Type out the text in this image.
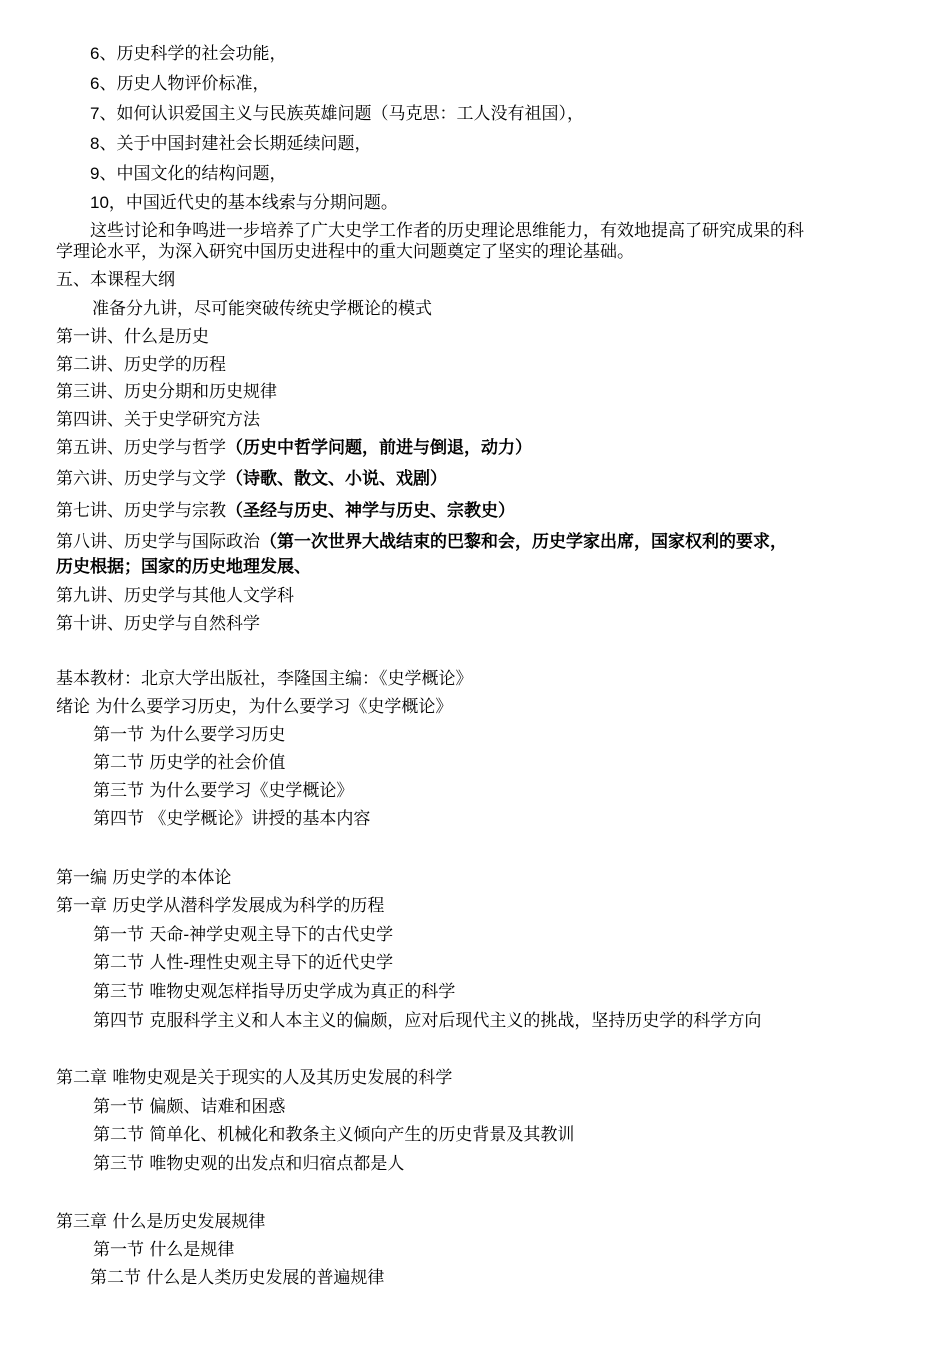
6、历史科学的社会功能，
6、历史人物评价标准，
7、如何认识爱国主义与民族英雄问题（马克思：工人没有祖国），
8、关于中国封建社会长期延续问题，
9、中国文化的结构问题，
10，中国近代史的基本线索与分期问题。
这些讨论和争鸣进一步培养了广大史学工作者的历史理论思维能力，有效地提高了研究成果的科
学理论水平，为深入研究中国历史进程中的重大问题奠定了坚实的理论基础。
五、本课程大纲
准备分九讲，尽可能突破传统史学概论的模式
第一讲、什么是历史
第二讲、历史学的历程
第三讲、历史分期和历史规律
第四讲、关于史学研究方法
第五讲、历史学与哲学（历史中哲学问题，前进与倒退，动力）
第六讲、历史学与文学（诗歌、散文、小说、戏剧）
第七讲、历史学与宗教（圣经与历史、神学与历史、宗教史）
第八讲、历史学与国际政治（第一次世界大战结束的巴黎和会，历史学家出席，国家权利的要求，
历史根据；国家的历史地理发展、
第九讲、历史学与其他人文学科
第十讲、历史学与自然科学
基本教材：北京大学出版社，李隆国主编：《史学概论》
绪论 为什么要学习历史，为什么要学习《史学概论》
第一节 为什么要学习历史
第二节 历史学的社会价值
第三节 为什么要学习《史学概论》
第四节 《史学概论》讲授的基本内容
第一编 历史学的本体论
第一章 历史学从潜科学发展成为科学的历程
第一节 天命-神学史观主导下的古代史学
第二节 人性-理性史观主导下的近代史学
第三节 唯物史观怎样指导历史学成为真正的科学
第四节 克服科学主义和人本主义的偏颇，应对后现代主义的挑战，坚持历史学的科学方向
第二章 唯物史观是关于现实的人及其历史发展的科学
第一节 偏颇、诘难和困惑
第二节 简单化、机械化和教条主义倾向产生的历史背景及其教训
第三节 唯物史观的出发点和归宿点都是人
第三章 什么是历史发展规律
第一节 什么是规律
第二节 什么是人类历史发展的普遍规律
